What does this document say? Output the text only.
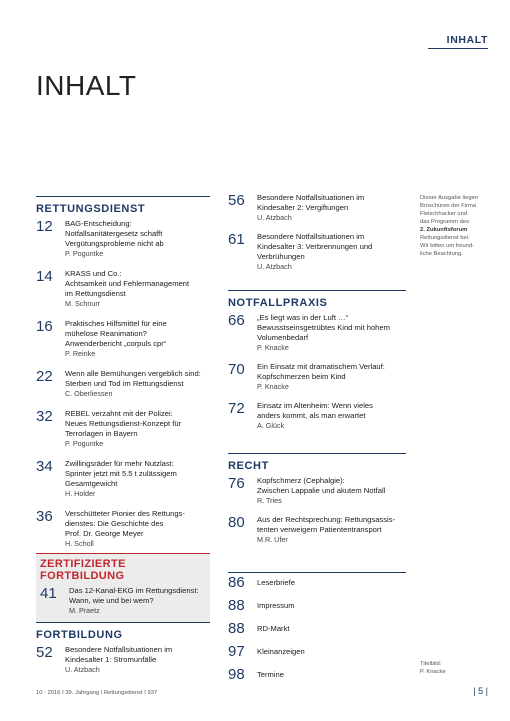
INHALT
INHALT
RETTUNGSDIENST
12	BAG-Entscheidung:
Notfallsanitätergesetz schafft
Vergütungsprobleme nicht ab
P. Poguntke
14	KRASS und Co.:
Achtsamkeit und Fehlermanagement
im Rettungsdienst
M. Schnurr
16	Praktisches Hilfsmittel für eine
mühelose Reanimation?
Anwenderbericht „corpuls cpr“
P. Reinke
22	Wenn alle Bemühungen vergeblich sind:
Sterben und Tod im Rettungsdienst
C. Oberliessen
32	REBEL verzahnt mit der Polizei:
Neues Rettungsdienst-Konzept für
Terrorlagen in Bayern
P. Poguntke
34	Zwillingsräder für mehr Nutzlast:
Sprinter jetzt mit 5.5 t zulässigem
Gesamtgewicht
H. Holder
36	Verschütteter Pionier des Rettungs-
dienstes: Die Geschichte des
Prof. Dr. George Meyer
H. Scholl
ZERTIFIZIERTE FORTBILDUNG
41	Das 12-Kanal-EKG im Rettungsdienst:
Wann, wie und bei wem?
M. Praetz
FORTBILDUNG
52	Besondere Notfallsituationen im
Kindesalter 1: Stromunfälle
U. Atzbach
56	Besondere Notfallsituationen im
Kindesalter 2: Vergiftungen
U. Atzbach
61	Besondere Notfallsituationen im
Kindesalter 3: Verbrennungen und
Verbrühungen
U. Atzbach
NOTFALLPRAXIS
66	„Es liegt was in der Luft …“
Bewusstseinsgetrübtes Kind mit hohem
Volumenbedarf
P. Knacke
70	Ein Einsatz mit dramatischem Verlauf:
Kopfschmerzen beim Kind
P. Knacke
72	Einsatz im Altenheim: Wenn vieles
anders kommt, als man erwartet
A. Glück
RECHT
76	Kopfschmerz (Cephalgie):
Zwischen Lappalie und akutem Notfall
R. Tries
80	Aus der Rechtsprechung: Rettungsassis-
tenten verweigern Patiententransport
M.R. Ufer
86	Leserbriefe
88	Impressum
88	RD-Markt
97	Kleinanzeigen
98	Termine
Dieser Ausgabe liegen
Broschüren der Firma
Fleischhacker und
das Programm des
2. Zukunftsforum
Rettungsdienst bei.
Wir bitten um freund-
liche Beachtung.
Titelbild:
P. Knacke
10 · 2016 I 39. Jahrgang I Rettungsdienst I 937	| 5 |
